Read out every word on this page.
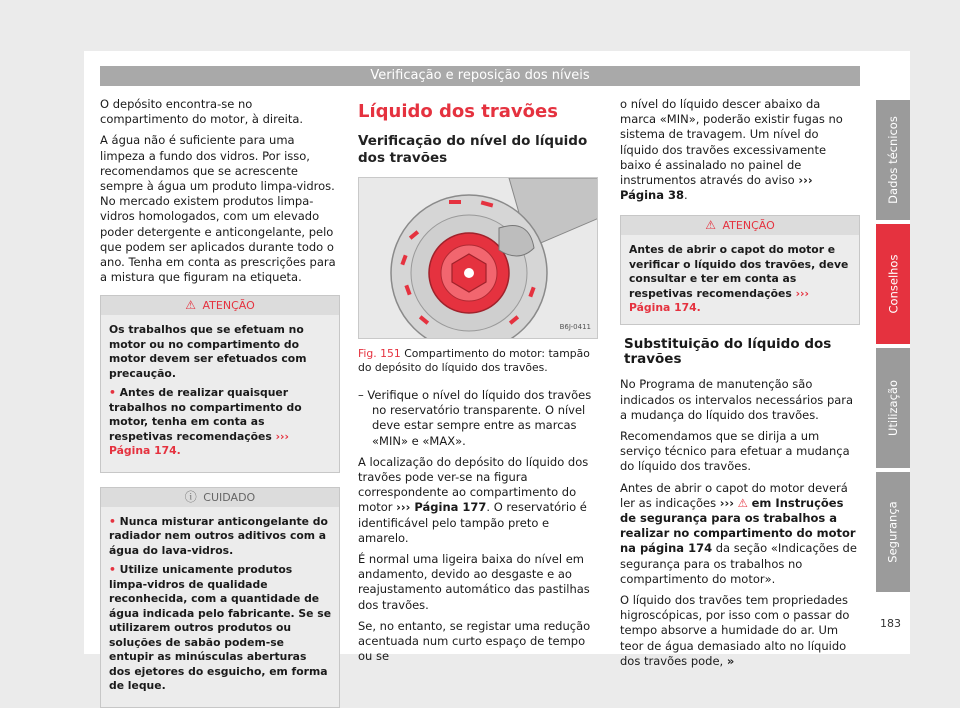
Verificação e reposição dos níveis

O depósito encontra-se no compartimento do motor, à direita.

A água não é suficiente para uma limpeza a fundo dos vidros. Por isso, recomendamos que se acrescente sempre à água um produto limpa-vidros. No mercado existem produtos limpa-vidros homologados, com um elevado poder detergente e anticongelante, pelo que podem ser aplicados durante todo o ano. Tenha em conta as prescrições para a mistura que figuram na etiqueta.

⚠ ATENÇÃO
Os trabalhos que se efetuam no motor ou no compartimento do motor devem ser efetuados com precaução.
• Antes de realizar quaisquer trabalhos no compartimento do motor, tenha em conta as respetivas recomendações ››› Página 174.
ⓘ CUIDADO
• Nunca misturar anticongelante do radiador nem outros aditivos com a água do lava-vidros.
• Utilize unicamente produtos limpa-vidros de qualidade reconhecida, com a quantidade de água indicada pelo fabricante. Se se utilizarem outros produtos ou soluções de sabão podem-se entupir as minúsculas aberturas dos ejetores do esguicho, em forma de leque.
Líquido dos travões
Verificação do nível do líquido dos travões
B6J-0411
Fig. 151 Compartimento do motor: tampão do depósito do líquido dos travões.

– Verifique o nível do líquido dos travões no reservatório transparente. O nível deve estar sempre entre as marcas «MIN» e «MAX».

A localização do depósito do líquido dos travões pode ver-se na figura correspondente ao compartimento do motor ››› Página 177. O reservatório é identificável pelo tampão preto e amarelo.

É normal uma ligeira baixa do nível em andamento, devido ao desgaste e ao reajustamento automático das pastilhas dos travões.

Se, no entanto, se registar uma redução acentuada num curto espaço de tempo ou se

o nível do líquido descer abaixo da marca «MIN», poderão existir fugas no sistema de travagem. Um nível do líquido dos travões excessivamente baixo é assinalado no painel de instrumentos através do aviso ››› Página 38.

⚠ ATENÇÃO
Antes de abrir o capot do motor e verificar o líquido dos travões, deve consultar e ter em conta as respetivas recomendações ››› Página 174.
Substituição do líquido dos travões

No Programa de manutenção são indicados os intervalos necessários para a mudança do líquido dos travões.

Recomendamos que se dirija a um serviço técnico para efetuar a mudança do líquido dos travões.

Antes de abrir o capot do motor deverá ler as indicações ››› ⚠ em Instruções de segurança para os trabalhos a realizar no compartimento do motor na página 174 da seção «Indicações de segurança para os trabalhos no compartimento do motor».

O líquido dos travões tem propriedades higroscópicas, por isso com o passar do tempo absorve a humidade do ar. Um teor de água demasiado alto no líquido dos travões pode, »

Dados técnicos
Conselhos
Utilização
Segurança
183
